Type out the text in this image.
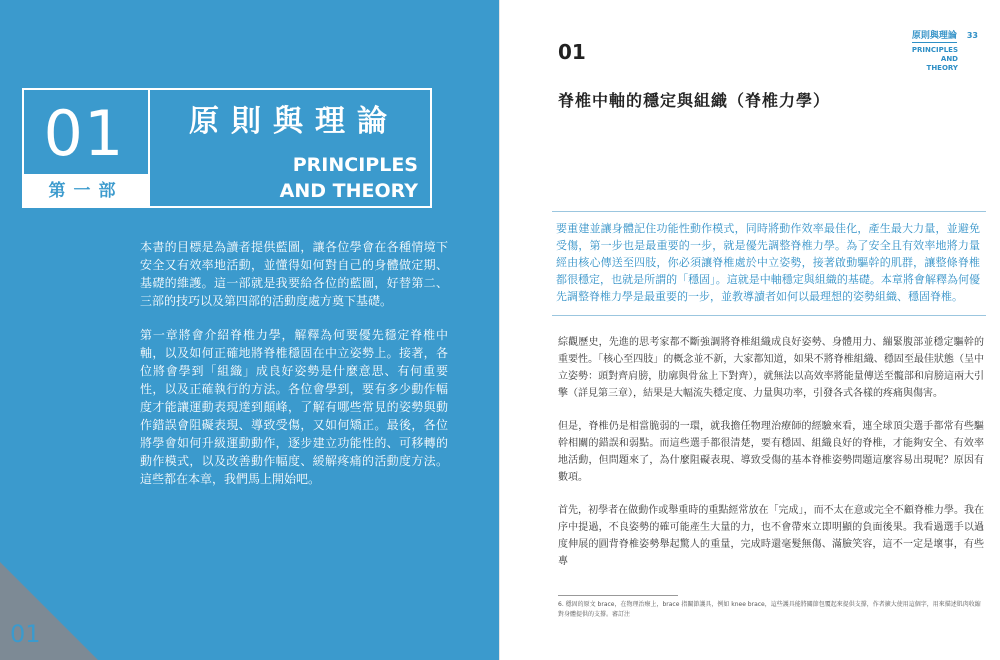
01
第一部
原則與理論
PRINCIPLES
AND THEORY

本書的目標是為讀者提供藍圖，讓各位學會在各種情境下安全又有效率地活動，並懂得如何對自己的身體做定期、基礎的維護。這一部就是我要給各位的藍圖，好替第二、三部的技巧以及第四部的活動度處方奠下基礎。

第一章將會介紹脊椎力學，解釋為何要優先穩定脊椎中軸，以及如何正確地將脊椎穩固在中立姿勢上。接著，各位將會學到「組織」成良好姿勢是什麼意思、有何重要性，以及正確執行的方法。各位會學到，要有多少動作幅度才能讓運動表現達到顛峰，了解有哪些常見的姿勢與動作錯誤會阻礙表現、導致受傷，又如何矯正。最後，各位將學會如何升級運動動作，逐步建立功能性的、可移轉的動作模式，以及改善動作幅度、緩解疼痛的活動度方法。這些都在本章，我們馬上開始吧。

01
原則與理論 33
PRINCIPLES
AND
THEORY
01
脊椎中軸的穩定與組織（脊椎力學）
要重建並讓身體記住功能性動作模式，同時將動作效率最佳化，產生最大力量，並避免受傷，第一步也是最重要的一步，就是優先調整脊椎力學。為了安全且有效率地將力量經由核心傳送至四肢，你必須讓脊椎處於中立姿勢，接著啟動驅幹的肌群，讓整條脊椎都很穩定，也就是所謂的「穩固」。這就是中軸穩定與組織的基礎。本章將會解釋為何優先調整脊椎力學是最重要的一步，並教導讀者如何以最理想的姿勢組織、穩固脊椎。

綜觀歷史，先進的思考家都不斷強調將脊椎組織成良好姿勢、身體用力、繃緊腹部並穩定驅幹的重要性。「核心至四肢」的概念並不新，大家都知道，如果不將脊椎組織、穩固至最佳狀態（呈中立姿勢：頭對齊肩膀，肋廓與骨盆上下對齊），就無法以高效率將能量傳送至髖部和肩膀這兩大引擎（詳見第三章），結果是大幅流失穩定度、力量與功率，引發各式各樣的疼痛與傷害。

但是，脊椎仍是相當脆弱的一環，就我擔任物理治療師的經驗來看，連全球頂尖選手都常有些驅幹相關的錯誤和弱點。而這些選手都很清楚，要有穩固、組織良好的脊椎，才能夠安全、有效率地活動，但問題來了，為什麼阻礙表現、導致受傷的基本脊椎姿勢問題這麼容易出現呢？原因有數項。

首先，初學者在做動作或舉重時的重點經常放在「完成」，而不太在意或完全不顧脊椎力學。我在序中提過，不良姿勢的確可能產生大量的力，也不會帶來立即明顯的負面後果。我看過選手以過度伸展的圓背脊椎姿勢舉起驚人的重量，完成時還毫髮無傷、滿臉笑容，這不一定是壞事，有些專

6. 穩固的原文 brace，在物理治療上，brace 指關節護具，例如 knee brace，這些護具能將關節包覆起來提供支撐，作者擴大使用這個字，用來描述肌肉收縮對身體提供的支撐。審訂注
